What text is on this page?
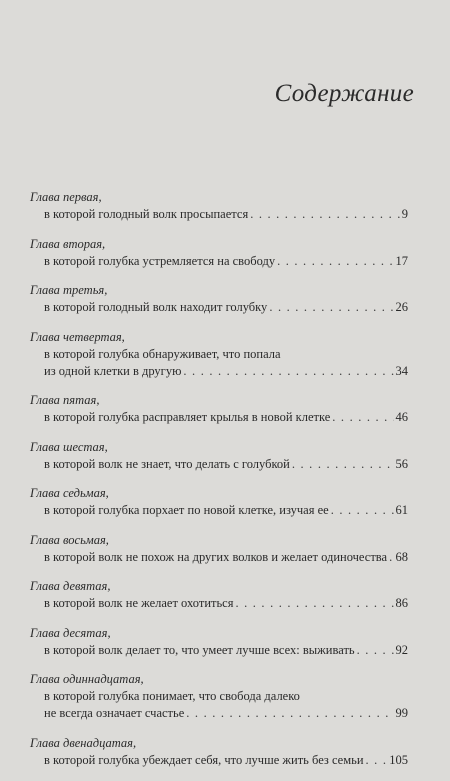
Содержание
Глава первая,
в которой голодный волк просыпается . . .	9
Глава вторая,
в которой голубка устремляется на свободу . . .	17
Глава третья,
в которой голодный волк находит голубку . . .	26
Глава четвертая,
в которой голубка обнаруживает, что попала
из одной клетки в другую . . .	34
Глава пятая,
в которой голубка расправляет крылья в новой клетке . . .	46
Глава шестая,
в которой волк не знает, что делать с голубкой . . .	56
Глава седьмая,
в которой голубка порхает по новой клетке, изучая ее . . .	61
Глава восьмая,
в которой волк не похож на других волков и желает одиночества . . . 68
Глава девятая,
в которой волк не желает охотиться . . .	86
Глава десятая,
в которой волк делает то, что умеет лучше всех: выживать . . .	92
Глава одиннадцатая,
в которой голубка понимает, что свобода далеко
не всегда означает счастье . . .	99
Глава двенадцатая,
в которой голубка убеждает себя, что лучше жить без семьи . . . 105
